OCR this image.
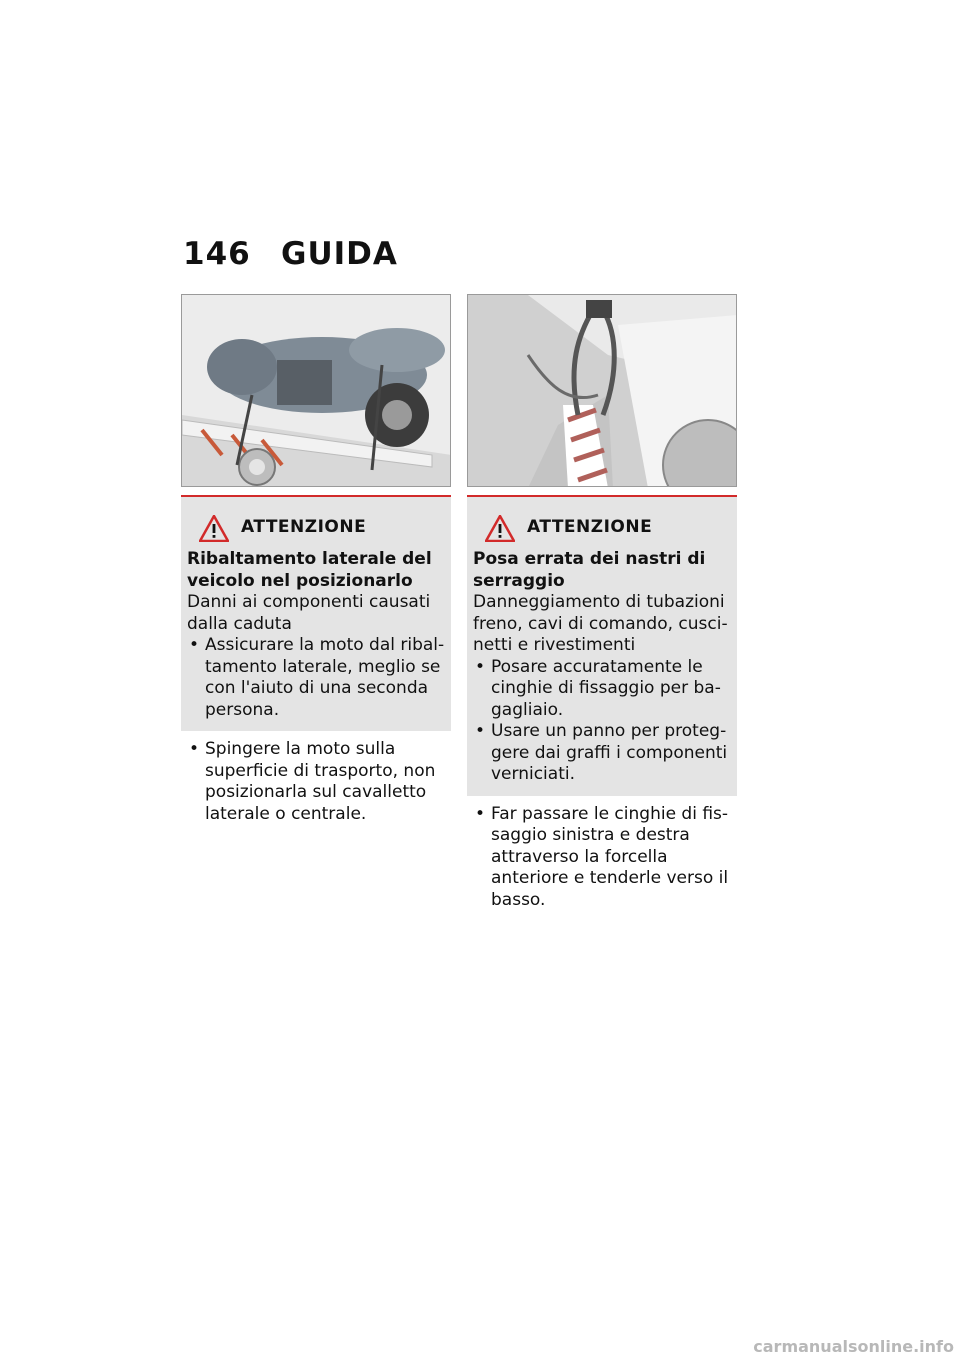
146 GUIDA
ATTENZIONE
Ribaltamento laterale del veicolo nel posizionarlo
Danni ai componenti causati dalla caduta
• Assicurare la moto dal ribaltamento laterale, meglio se con l'aiuto di una seconda persona.
• Spingere la moto sulla superficie di trasporto, non posizionarla sul cavalletto laterale o centrale.
ATTENZIONE
Posa errata dei nastri di serraggio
Danneggiamento di tubazioni freno, cavi di comando, cuscinetti e rivestimenti
• Posare accuratamente le cinghie di fissaggio per bagagliaio.
• Usare un panno per proteggere dai graffi i componenti verniciati.
• Far passare le cinghie di fissaggio sinistra e destra attraverso la forcella anteriore e tenderle verso il basso.
carmanualsonline.info
